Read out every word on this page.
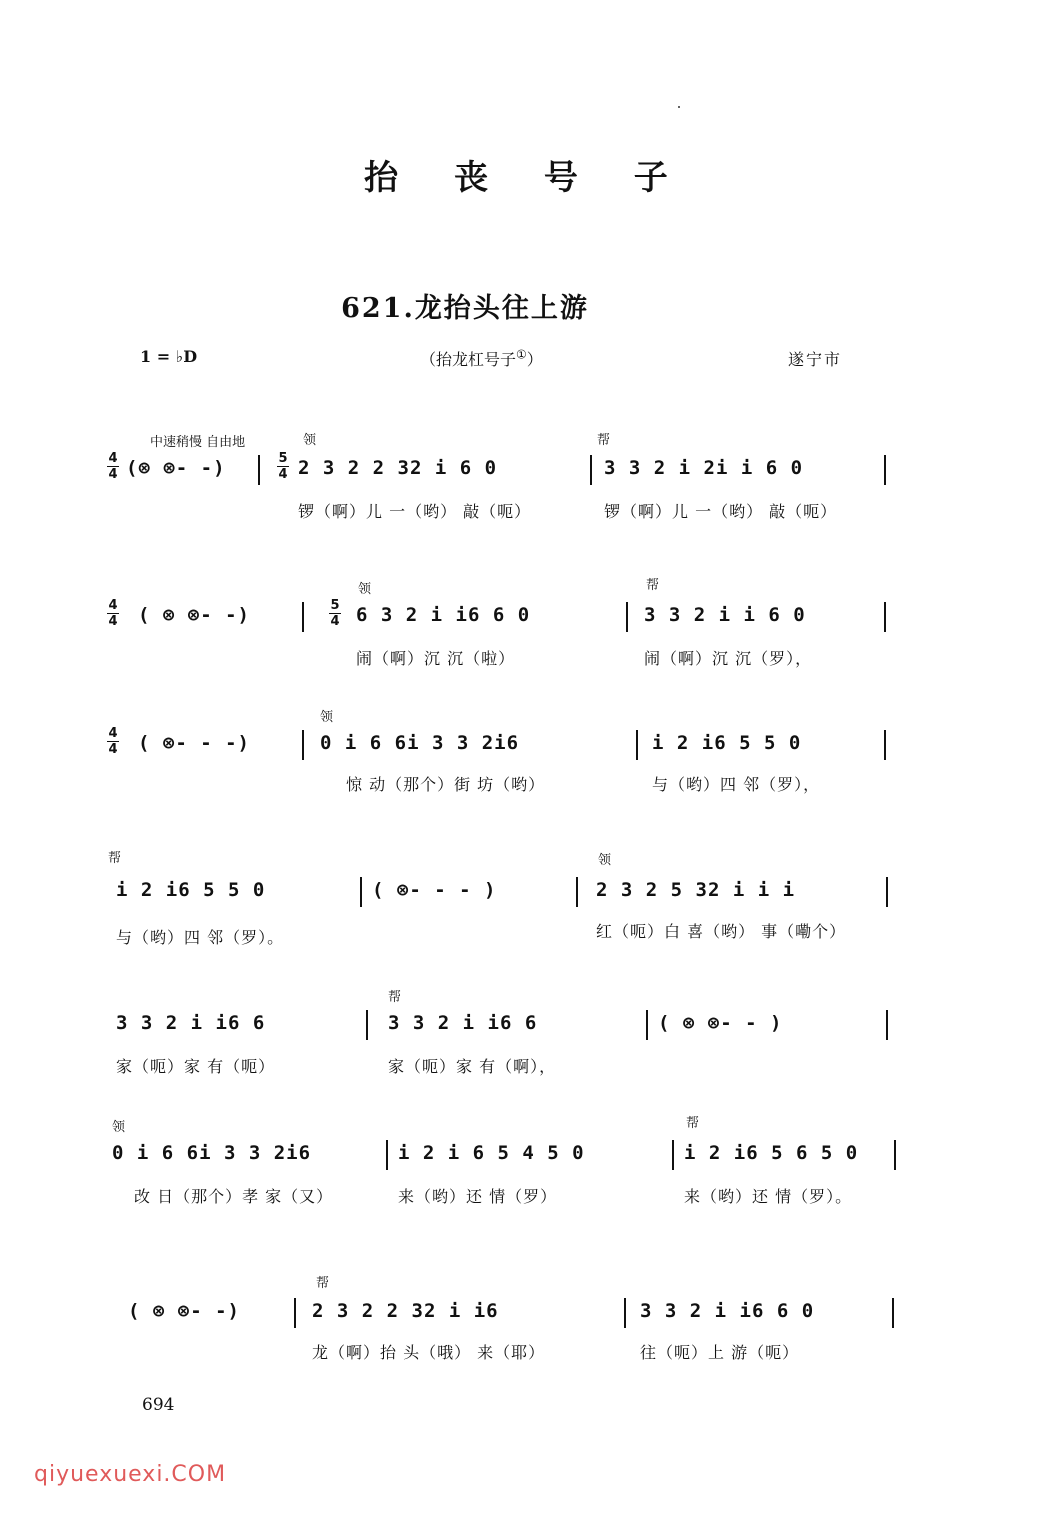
抬 丧 号 子
621.龙抬头往上游
1 = ♭D	（抬龙杠号子①）	遂宁市
中速稍慢 自由地	领	帮
4
4 (⊗ ⊗- -)	5
4 2 3 2 2 32 i 6 0	3 3 2 i 2i i 6 0
锣（啊）儿 一（哟） 敲（呃）	锣（啊）儿 一（哟） 敲（呃）
领	帮
4
4 ( ⊗ ⊗- -)	5
4 6 3 2 i i6 6 0	3 3 2 i i 6 0
闹（啊）沉 沉（啦）	闹（啊）沉 沉（罗），
领
4
4 ( ⊗- - -)	0 i 6 6i 3 3 2i6	i 2 i6 5 5 0
惊 动（那个）街 坊（哟）	与（哟）四 邻（罗），
帮	领
i 2 i6 5 5 0	( ⊗- - - )	2 3 2 5 32 i i i
与（哟）四 邻（罗）。	红（呃）白 喜（哟） 事（嘞个）
帮
3 3 2 i i6 6	3 3 2 i i6 6	( ⊗ ⊗- - )
家（呃）家 有（呃）	家（呃）家 有（啊），
领	帮
0 i 6 6i 3 3 2i6	i 2 i 6 5 4 5 0	i 2 i6 5 6 5 0
改 日（那个）孝 家（又）	来（哟）还 情（罗）	来（哟）还 情（罗）。
帮
( ⊗ ⊗- -)	2 3 2 2 32 i i6	3 3 2 i i6 6 0
龙（啊）抬 头（哦） 来（耶）	往（呃）上 游（呃）
694
qiyuexuexi.COM
